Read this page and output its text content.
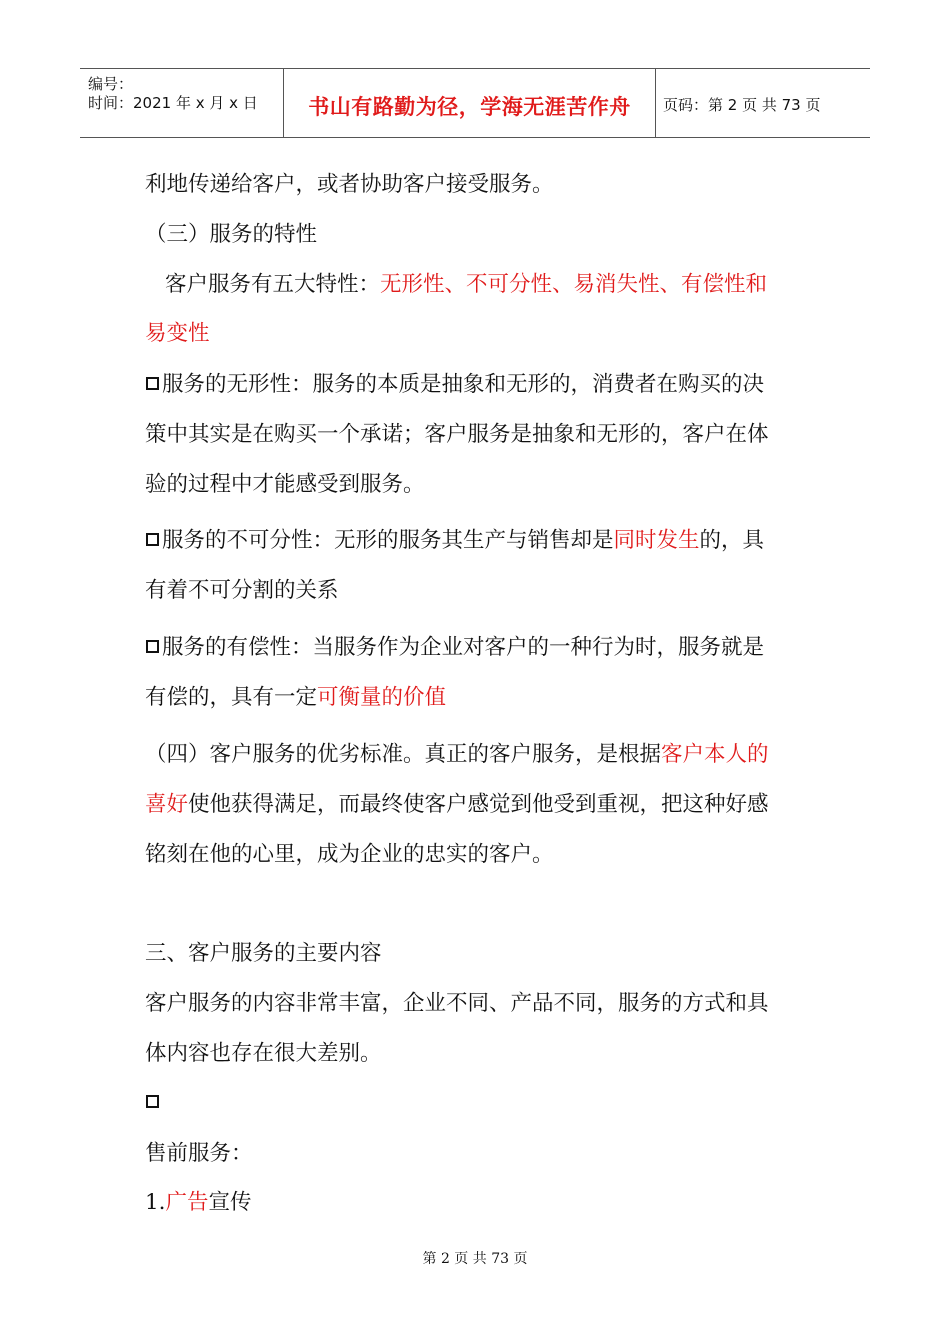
编号：
时间：2021 年 x 月 x 日	书山有路勤为径，学海无涯苦作舟	页码：第 2 页 共 73 页
利地传递给客户，或者协助客户接受服务。
（三）服务的特性
客户服务有五大特性：无形性、不可分性、易消失性、有偿性和
易变性
服务的无形性：服务的本质是抽象和无形的，消费者在购买的决
策中其实是在购买一个承诺；客户服务是抽象和无形的，客户在体
验的过程中才能感受到服务。
服务的不可分性：无形的服务其生产与销售却是同时发生的，具
有着不可分割的关系
服务的有偿性：当服务作为企业对客户的一种行为时，服务就是
有偿的，具有一定可衡量的价值
（四）客户服务的优劣标准。真正的客户服务，是根据客户本人的
喜好使他获得满足，而最终使客户感觉到他受到重视，把这种好感
铭刻在他的心里，成为企业的忠实的客户。
三、客户服务的主要内容
客户服务的内容非常丰富，企业不同、产品不同，服务的方式和具
体内容也存在很大差别。
售前服务：
1.广告宣传
第 2 页 共 73 页
